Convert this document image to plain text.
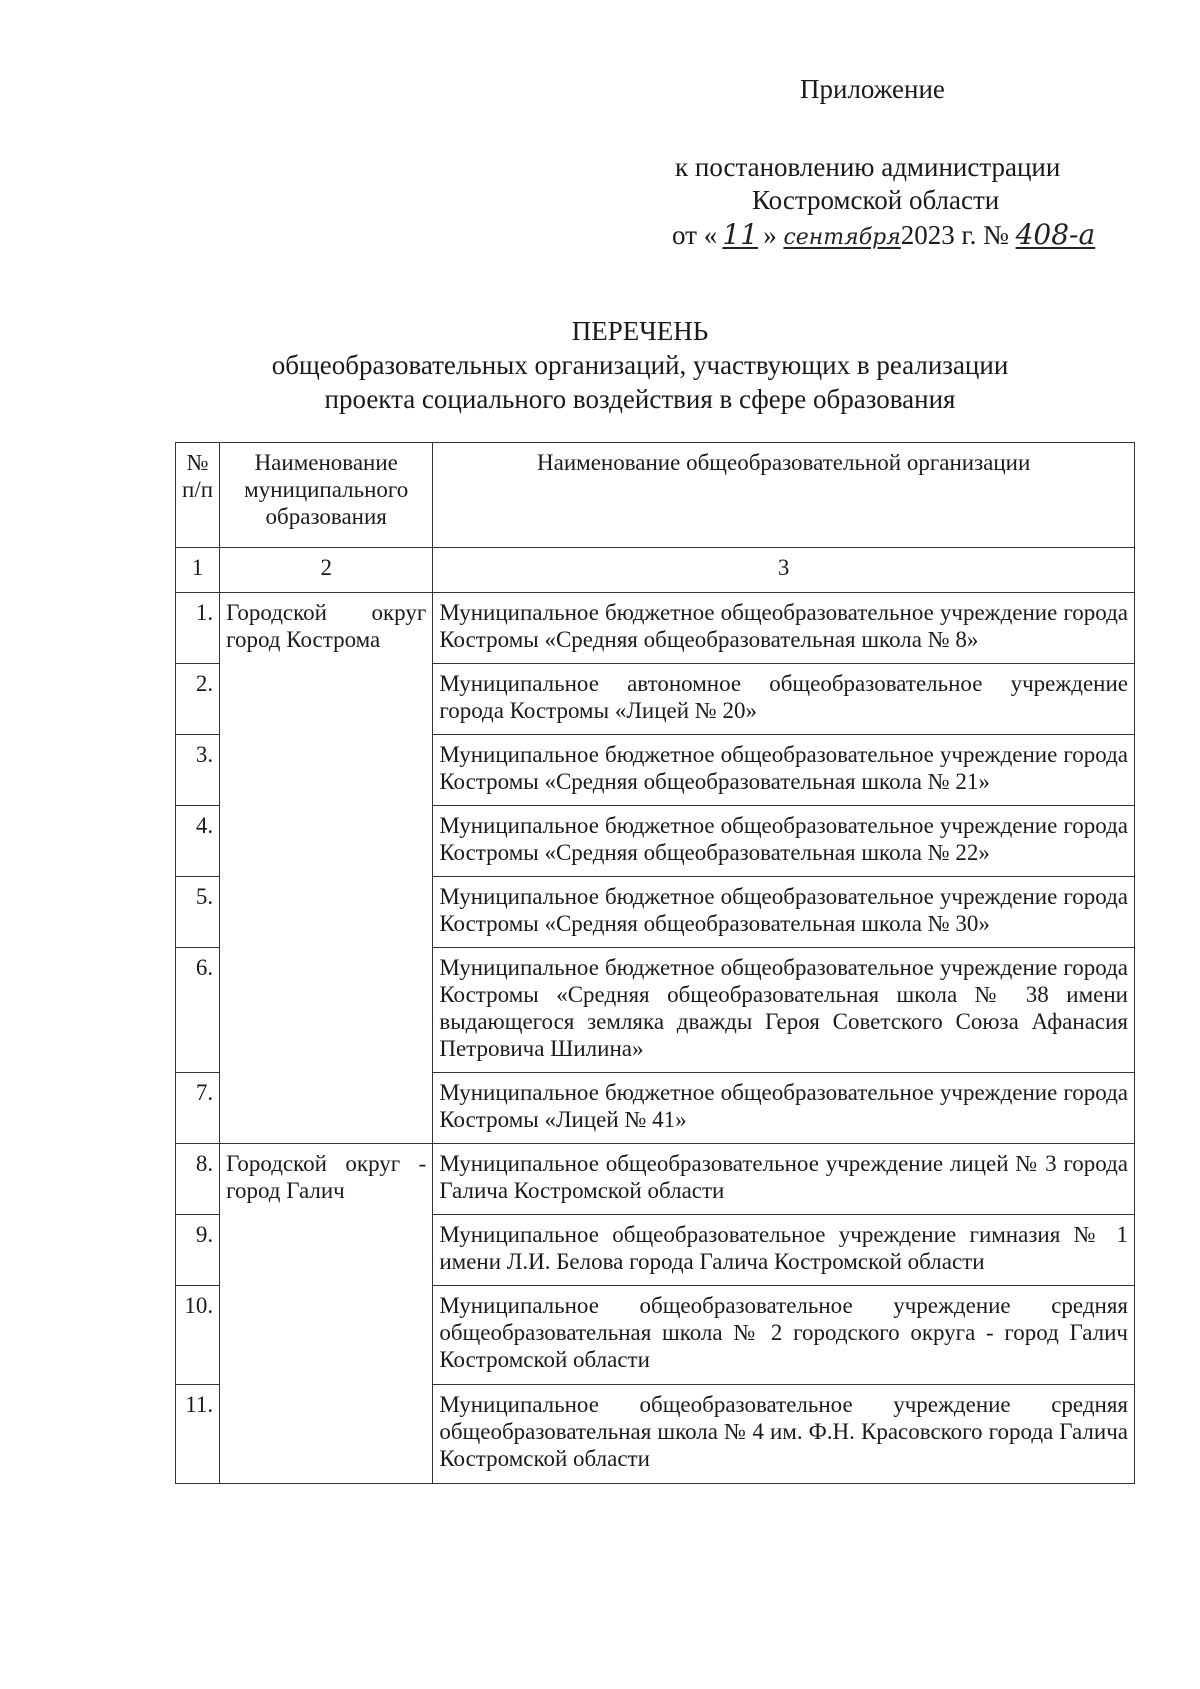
Приложение
к постановлению администрации
Костромской области
от « 11 » сентября2023 г. № 408-а
ПЕРЕЧЕНЬ
общеобразовательных организаций, участвующих в реализации
проекта социального воздействия в сфере образования
№ п/п	Наименование муниципального образования	Наименование общеобразовательной организации
1	2	3
1.	Городской округ город Кострома	Муниципальное бюджетное общеобразовательное учреждение города Костромы «Средняя общеобразовательная школа № 8»
2.		Муниципальное автономное общеобразовательное учреждение города Костромы «Лицей № 20»
3.		Муниципальное бюджетное общеобразовательное учреждение города Костромы «Средняя общеобразовательная школа № 21»
4.		Муниципальное бюджетное общеобразовательное учреждение города Костромы «Средняя общеобразовательная школа № 22»
5.		Муниципальное бюджетное общеобразовательное учреждение города Костромы «Средняя общеобразовательная школа № 30»
6.		Муниципальное бюджетное общеобразовательное учреждение города Костромы «Средняя общеобразовательная школа № 38 имени выдающегося земляка дважды Героя Советского Союза Афанасия Петровича Шилина»
7.		Муниципальное бюджетное общеобразовательное учреждение города Костромы «Лицей № 41»
8.	Городской округ - город Галич	Муниципальное общеобразовательное учреждение лицей № 3 города Галича Костромской области
9.		Муниципальное общеобразовательное учреждение гимназия № 1 имени Л.И. Белова города Галича Костромской области
10.		Муниципальное общеобразовательное учреждение средняя общеобразовательная школа № 2 городского округа - город Галич Костромской области
11.		Муниципальное общеобразовательное учреждение средняя общеобразовательная школа № 4 им. Ф.Н. Красовского города Галича Костромской области
